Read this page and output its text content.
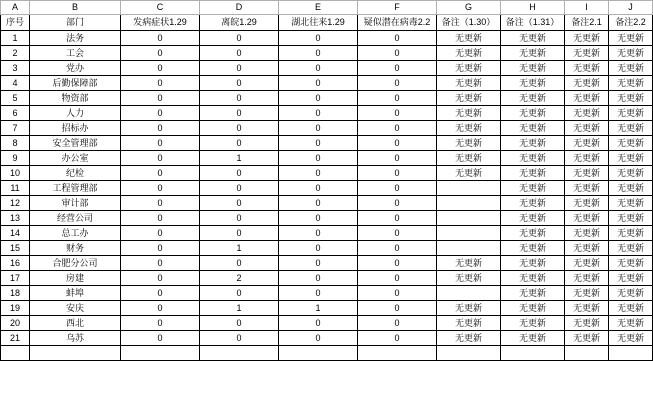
A	B	C	D	E	F	G	H	I	J
序号	部门	发病症状1.29	离皖1.29	湖北往来1.29	疑似潜在病毒2.2	备注（1.30）	备注（1.31）	备注2.1	备注2.2
1	法务	0	0	0	0	无更新	无更新	无更新	无更新
2	工会	0	0	0	0	无更新	无更新	无更新	无更新
3	党办	0	0	0	0	无更新	无更新	无更新	无更新
4	后勤保障部	0	0	0	0	无更新	无更新	无更新	无更新
5	物资部	0	0	0	0	无更新	无更新	无更新	无更新
6	人力	0	0	0	0	无更新	无更新	无更新	无更新
7	招标办	0	0	0	0	无更新	无更新	无更新	无更新
8	安全管理部	0	0	0	0	无更新	无更新	无更新	无更新
9	办公室	0	1	0	0	无更新	无更新	无更新	无更新
10	纪检	0	0	0	0	无更新	无更新	无更新	无更新
11	工程管理部	0	0	0	0		无更新	无更新	无更新
12	审计部	0	0	0	0		无更新	无更新	无更新
13	经营公司	0	0	0	0		无更新	无更新	无更新
14	总工办	0	0	0	0		无更新	无更新	无更新
15	财务	0	1	0	0		无更新	无更新	无更新
16	合肥分公司	0	0	0	0	无更新	无更新	无更新	无更新
17	房建	0	2	0	0	无更新	无更新	无更新	无更新
18	蚌埠	0	0	0	0		无更新	无更新	无更新
19	安庆	0	1	1	0	无更新	无更新	无更新	无更新
20	西北	0	0	0	0	无更新	无更新	无更新	无更新
21	乌苏	0	0	0	0	无更新	无更新	无更新	无更新
